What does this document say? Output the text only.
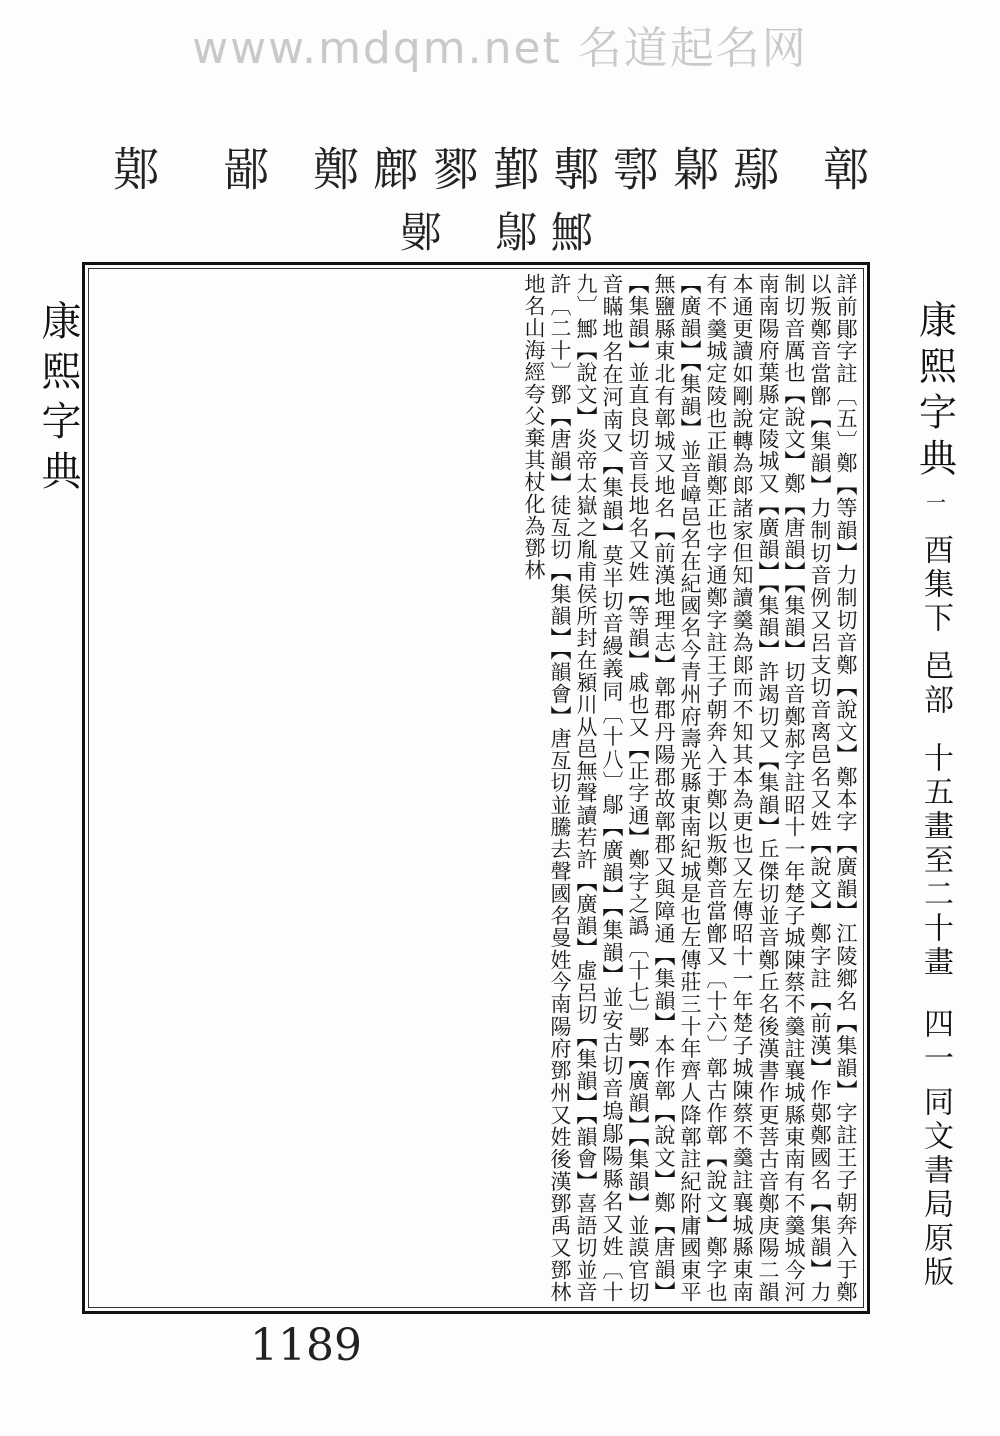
www.mdqm.net 名道起名网
鄚 鄙 鄭 鄜 鄝 鄞 鄟 鄠 鄡 鄢 鄣
鄤 鄥 鄦
康熙字典	詳前鄖字註〔五〕鄭【等韻】力制切音鄭【說文】鄭本字【廣韻】江陵鄉名【集韻】字註王子朝奔入于鄭以叛鄭音當鄫【集韻】力制切音例又呂支切音离邑名又姓【說文】鄭字註【前漢】作鄚鄭國名【集韻】力制切音厲也【說文】鄭【唐韻】【集韻】切音鄭郝字註昭十一年楚子城陳蔡不羹註襄城縣東南有不羹城今河南南陽府葉縣定陵城又【廣韻】【集韻】許竭切又【集韻】丘傑切並音鄭丘名後漢書作更菩古音鄭庚陽二韻本通更讀如剛說轉為郞諸家但知讀羹為郞而不知其本為更也又左傳昭十一年楚子城陳蔡不羹註襄城縣東南有不羹城定陵也正韻鄭正也字通鄭字註王子朝奔入于鄭以叛鄭音當鄫又〔十六〕鄣古作鄣【說文】鄭字也【廣韻】【集韻】並音嶂邑名在紀國名今青州府壽光縣東南紀城是也左傳莊三十年齊人降鄣註紀附庸國東平無鹽縣東北有鄣城又地名【前漢地理志】鄣郡丹陽郡故鄣郡又與障通【集韻】本作鄣【說文】鄭【唐韻】【集韻】並直良切音長地名又姓【等韻】戚也又【正字通】鄭字之譌〔十七〕鄤【廣韻】【集韻】並謨官切音瞞地名在河南又【集韻】莫半切音縵義同〔十八〕鄥【廣韻】【集韻】並安古切音塢鄥陽縣名又姓〔十九〕鄦【說文】炎帝太嶽之胤甫侯所封在潁川从邑無聲讀若許【廣韻】虛呂切【集韻】【韻會】喜語切並音許〔二十〕鄧【唐韻】徒亙切【集韻】【韻會】唐亙切並騰去聲國名曼姓今南陽府鄧州又姓後漢鄧禹又鄧林地名山海經夸父棄其杖化為鄧林	康熙字典
一
酉集下
邑部
十五畫至二十畫
四一
同文書局原版
1189
